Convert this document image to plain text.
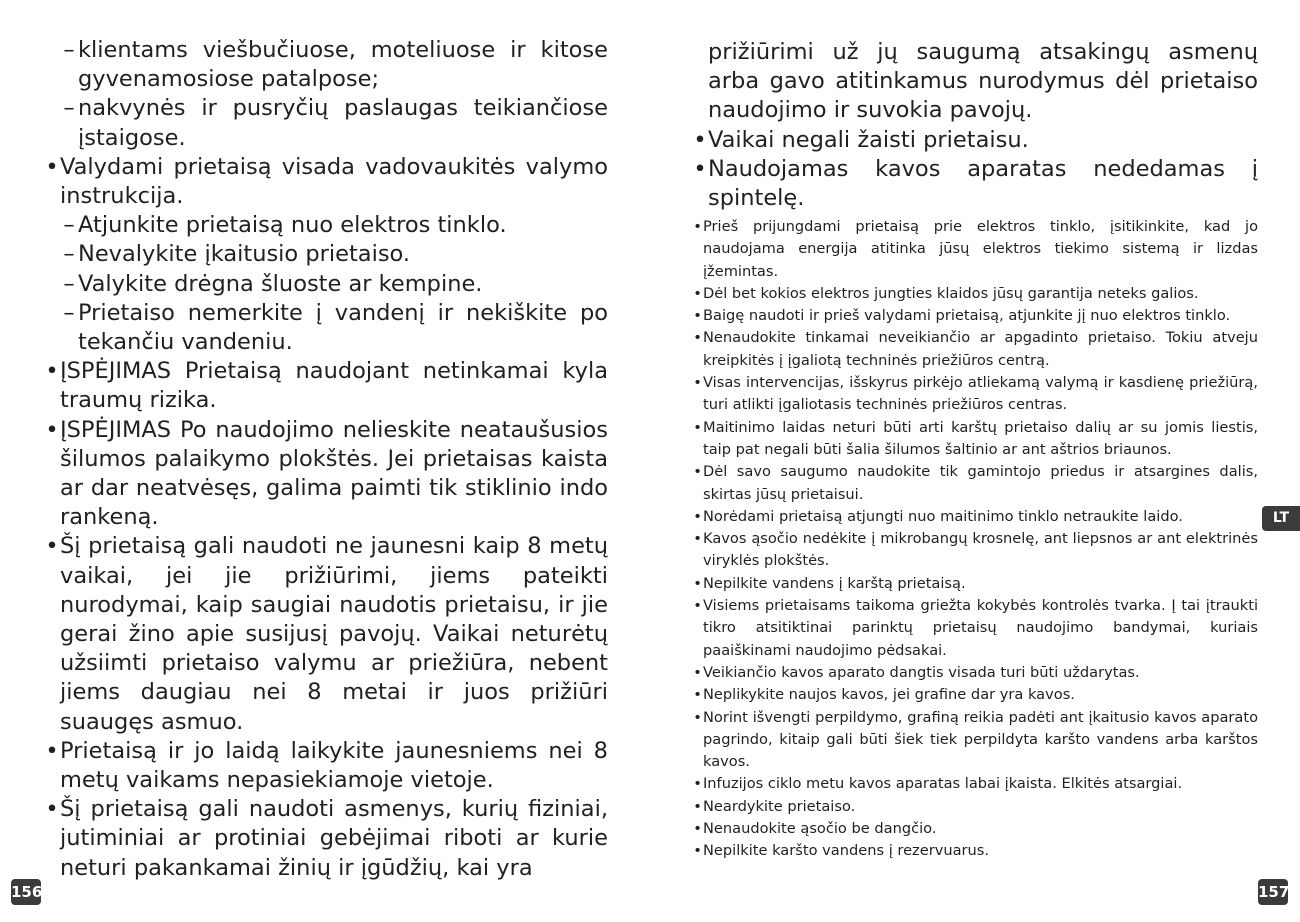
– klientams viešbučiuose, moteliuose ir kitose gyvenamosiose patalpose;
– nakvynės ir pusryčių paslaugas teikiančiose įstaigose.
• Valydami prietaisą visada vadovaukitės valymo instrukcija.
– Atjunkite prietaisą nuo elektros tinklo.
– Nevalykite įkaitusio prietaiso.
– Valykite drėgna šluoste ar kempine.
– Prietaiso nemerkite į vandenį ir nekiškite po tekančiu vandeniu.
• ĮSPĖJIMAS Prietaisą naudojant netinkamai kyla traumų rizika.
• ĮSPĖJIMAS Po naudojimo nelieskite neataušusios šilumos palaikymo plokštės. Jei prietaisas kaista ar dar neatvėsęs, galima paimti tik stiklinio indo rankeną.
• Šį prietaisą gali naudoti ne jaunesni kaip 8 metų vaikai, jei jie prižiūrimi, jiems pateikti nurodymai, kaip saugiai naudotis prietaisu, ir jie gerai žino apie susijusį pavojų. Vaikai neturėtų užsiimti prietaiso valymu ar priežiūra, nebent jiems daugiau nei 8 metai ir juos prižiūri suaugęs asmuo.
• Prietaisą ir jo laidą laikykite jaunesniems nei 8 metų vaikams nepasiekiamoje vietoje.
• Šį prietaisą gali naudoti asmenys, kurių fiziniai, jutiminiai ar protiniai gebėjimai riboti ar kurie neturi pakankamai žinių ir įgūdžių, kai yra
prižiūrimi už jų saugumą atsakingų asmenų arba gavo atitinkamus nurodymus dėl prietaiso naudojimo ir suvokia pavojų.
• Vaikai negali žaisti prietaisu.
• Naudojamas kavos aparatas nededamas į spintelę.
• Prieš prijungdami prietaisą prie elektros tinklo, įsitikinkite, kad jo naudojama energija atitinka jūsų elektros tiekimo sistemą ir lizdas įžemintas.
• Dėl bet kokios elektros jungties klaidos jūsų garantija neteks galios.
• Baigę naudoti ir prieš valydami prietaisą, atjunkite jį nuo elektros tinklo.
• Nenaudokite tinkamai neveikiančio ar apgadinto prietaiso. Tokiu atveju kreipkitės į įgaliotą techninės priežiūros centrą.
• Visas intervencijas, išskyrus pirkėjo atliekamą valymą ir kasdienę priežiūrą, turi atlikti įgaliotasis techninės priežiūros centras.
• Maitinimo laidas neturi būti arti karštų prietaiso dalių ar su jomis liestis, taip pat negali būti šalia šilumos šaltinio ar ant aštrios briaunos.
• Dėl savo saugumo naudokite tik gamintojo priedus ir atsargines dalis, skirtas jūsų prietaisui.
• Norėdami prietaisą atjungti nuo maitinimo tinklo netraukite laido.
• Kavos ąsočio nedėkite į mikrobangų krosnelę, ant liepsnos ar ant elektrinės viryklės plokštės.
• Nepilkite vandens į karštą prietaisą.
• Visiems prietaisams taikoma griežta kokybės kontrolės tvarka. Į tai įtraukti tikro atsitiktinai parinktų prietaisų naudojimo bandymai, kuriais paaiškinami naudojimo pėdsakai.
• Veikiančio kavos aparato dangtis visada turi būti uždarytas.
• Neplikykite naujos kavos, jei grafine dar yra kavos.
• Norint išvengti perpildymo, grafiną reikia padėti ant įkaitusio kavos aparato pagrindo, kitaip gali būti šiek tiek perpildyta karšto vandens arba karštos kavos.
• Infuzijos ciklo metu kavos aparatas labai įkaista. Elkitės atsargiai.
• Neardykite prietaiso.
• Nenaudokite ąsočio be dangčio.
• Nepilkite karšto vandens į rezervuarus.
156	157
LT
